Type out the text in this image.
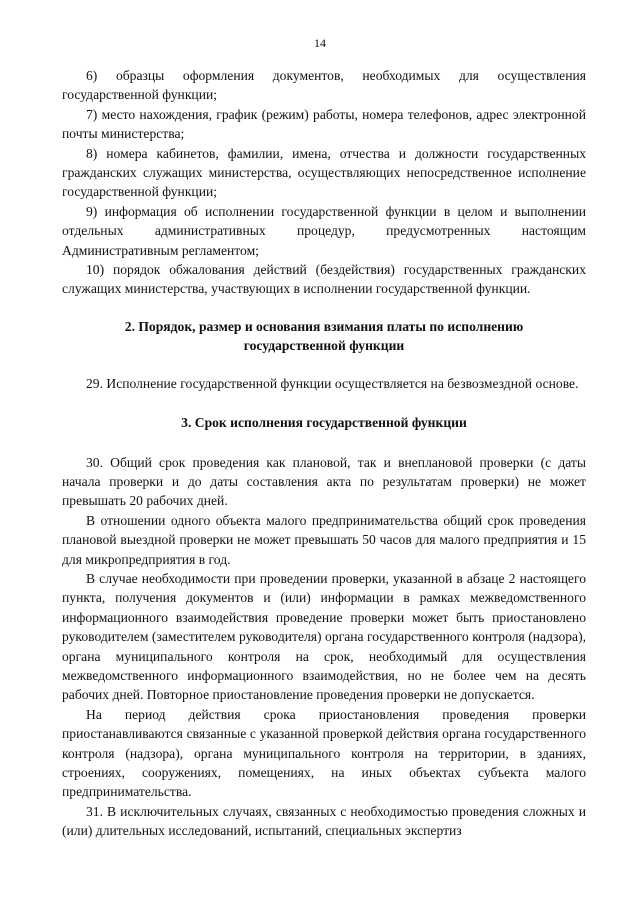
14

6) образцы оформления документов, необходимых для осуществления государственной функции;

7) место нахождения, график (режим) работы, номера телефонов, адрес электронной почты министерства;

8) номера кабинетов, фамилии, имена, отчества и должности государственных гражданских служащих министерства, осуществляющих непосредственное исполнение государственной функции;

9) информация об исполнении государственной функции в целом и выполнении отдельных административных процедур, предусмотренных настоящим Административным регламентом;

10) порядок обжалования действий (бездействия) государственных гражданских служащих министерства, участвующих в исполнении государственной функции.

2. Порядок, размер и основания взимания платы по исполнению
государственной функции

29. Исполнение государственной функции осуществляется на безвозмездной основе.

3. Срок исполнения государственной функции

30. Общий срок проведения как плановой, так и внеплановой проверки (с даты начала проверки и до даты составления акта по результатам проверки) не может превышать 20 рабочих дней.

В отношении одного объекта малого предпринимательства общий срок проведения плановой выездной проверки не может превышать 50 часов для малого предприятия и 15 для микропредприятия в год.

В случае необходимости при проведении проверки, указанной в абзаце 2 настоящего пункта, получения документов и (или) информации в рамках межведомственного информационного взаимодействия проведение проверки может быть приостановлено руководителем (заместителем руководителя) органа государственного контроля (надзора), органа муниципального контроля на срок, необходимый для осуществления межведомственного информационного взаимодействия, но не более чем на десять рабочих дней. Повторное приостановление проведения проверки не допускается.

На период действия срока приостановления проведения проверки приостанавливаются связанные с указанной проверкой действия органа государственного контроля (надзора), органа муниципального контроля на территории, в зданиях, строениях, сооружениях, помещениях, на иных объектах субъекта малого предпринимательства.

31. В исключительных случаях, связанных с необходимостью проведения сложных и (или) длительных исследований, испытаний, специальных экспертиз
